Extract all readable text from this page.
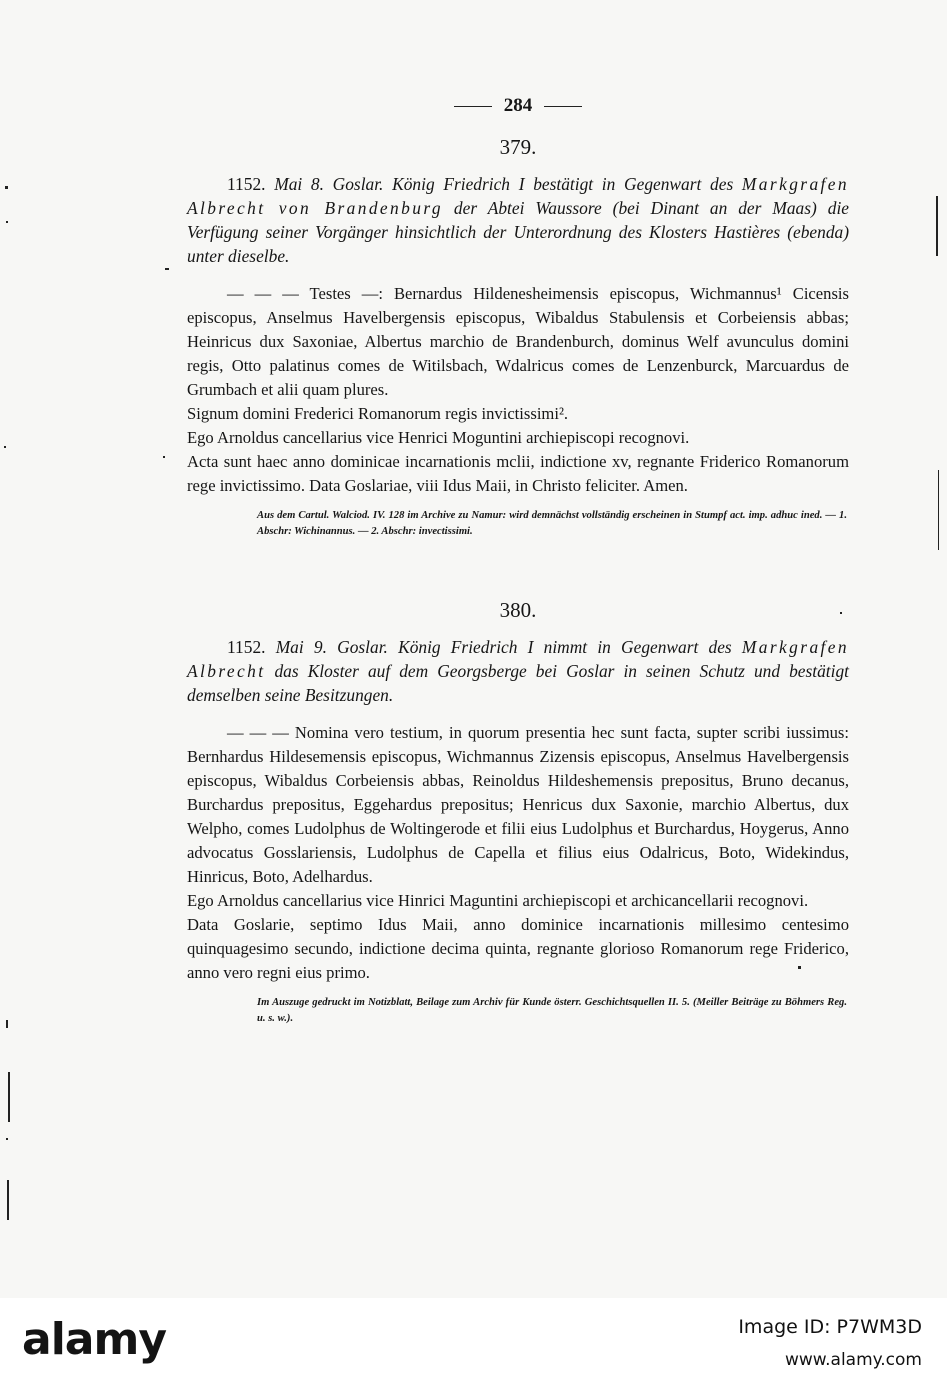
284
379.

1152. Mai 8. Goslar. König Friedrich I bestätigt in Gegenwart des Markgrafen Albrecht von Brandenburg der Abtei Waussore (bei Dinant an der Maas) die Verfügung seiner Vorgänger hinsichtlich der Unterordnung des Klosters Hastières (ebenda) unter dieselbe.

— — — Testes —: Bernardus Hildenesheimensis episcopus, Wichmannus¹ Cicensis episcopus, Anselmus Havelbergensis episcopus, Wibaldus Stabulensis et Corbeiensis abbas; Heinricus dux Saxoniae, Albertus marchio de Brandenburch, dominus Welf avunculus domini regis, Otto palatinus comes de Witilsbach, Wdalricus comes de Lenzenburck, Marcuardus de Grumbach et alii quam plures.

Signum domini Frederici Romanorum regis invictissimi².

Ego Arnoldus cancellarius vice Henrici Moguntini archiepiscopi recognovi.

Acta sunt haec anno dominicae incarnationis mclii, indictione xv, regnante Friderico Romanorum rege invictissimo. Data Goslariae, viii Idus Maii, in Christo feliciter. Amen.

Aus dem Cartul. Walciod. IV. 128 im Archive zu Namur: wird demnächst vollständig erscheinen in Stumpf act. imp. adhuc ined. — 1. Abschr: Wichinannus. — 2. Abschr: invectissimi.
380.

1152. Mai 9. Goslar. König Friedrich I nimmt in Gegenwart des Markgrafen Albrecht das Kloster auf dem Georgsberge bei Goslar in seinen Schutz und bestätigt demselben seine Besitzungen.

— — — Nomina vero testium, in quorum presentia hec sunt facta, supter scribi iussimus: Bernhardus Hildesemensis episcopus, Wichmannus Zizensis episcopus, Anselmus Havelbergensis episcopus, Wibaldus Corbeiensis abbas, Reinoldus Hildeshemensis prepositus, Bruno decanus, Burchardus prepositus, Eggehardus prepositus; Henricus dux Saxonie, marchio Albertus, dux Welpho, comes Ludolphus de Woltingerode et filii eius Ludolphus et Burchardus, Hoygerus, Anno advocatus Gosslariensis, Ludolphus de Capella et filius eius Odalricus, Boto, Widekindus, Hinricus, Boto, Adelhardus.

Ego Arnoldus cancellarius vice Hinrici Maguntini archiepiscopi et archicancellarii recognovi.

Data Goslarie, septimo Idus Maii, anno dominice incarnationis millesimo centesimo quinquagesimo secundo, indictione decima quinta, regnante glorioso Romanorum rege Friderico, anno vero regni eius primo.

Im Auszuge gedruckt im Notizblatt, Beilage zum Archiv für Kunde österr. Geschichtsquellen II. 5. (Meiller Beiträge zu Böhmers Reg. u. s. w.).
alamy	Image ID: P7WM3D
www.alamy.com
